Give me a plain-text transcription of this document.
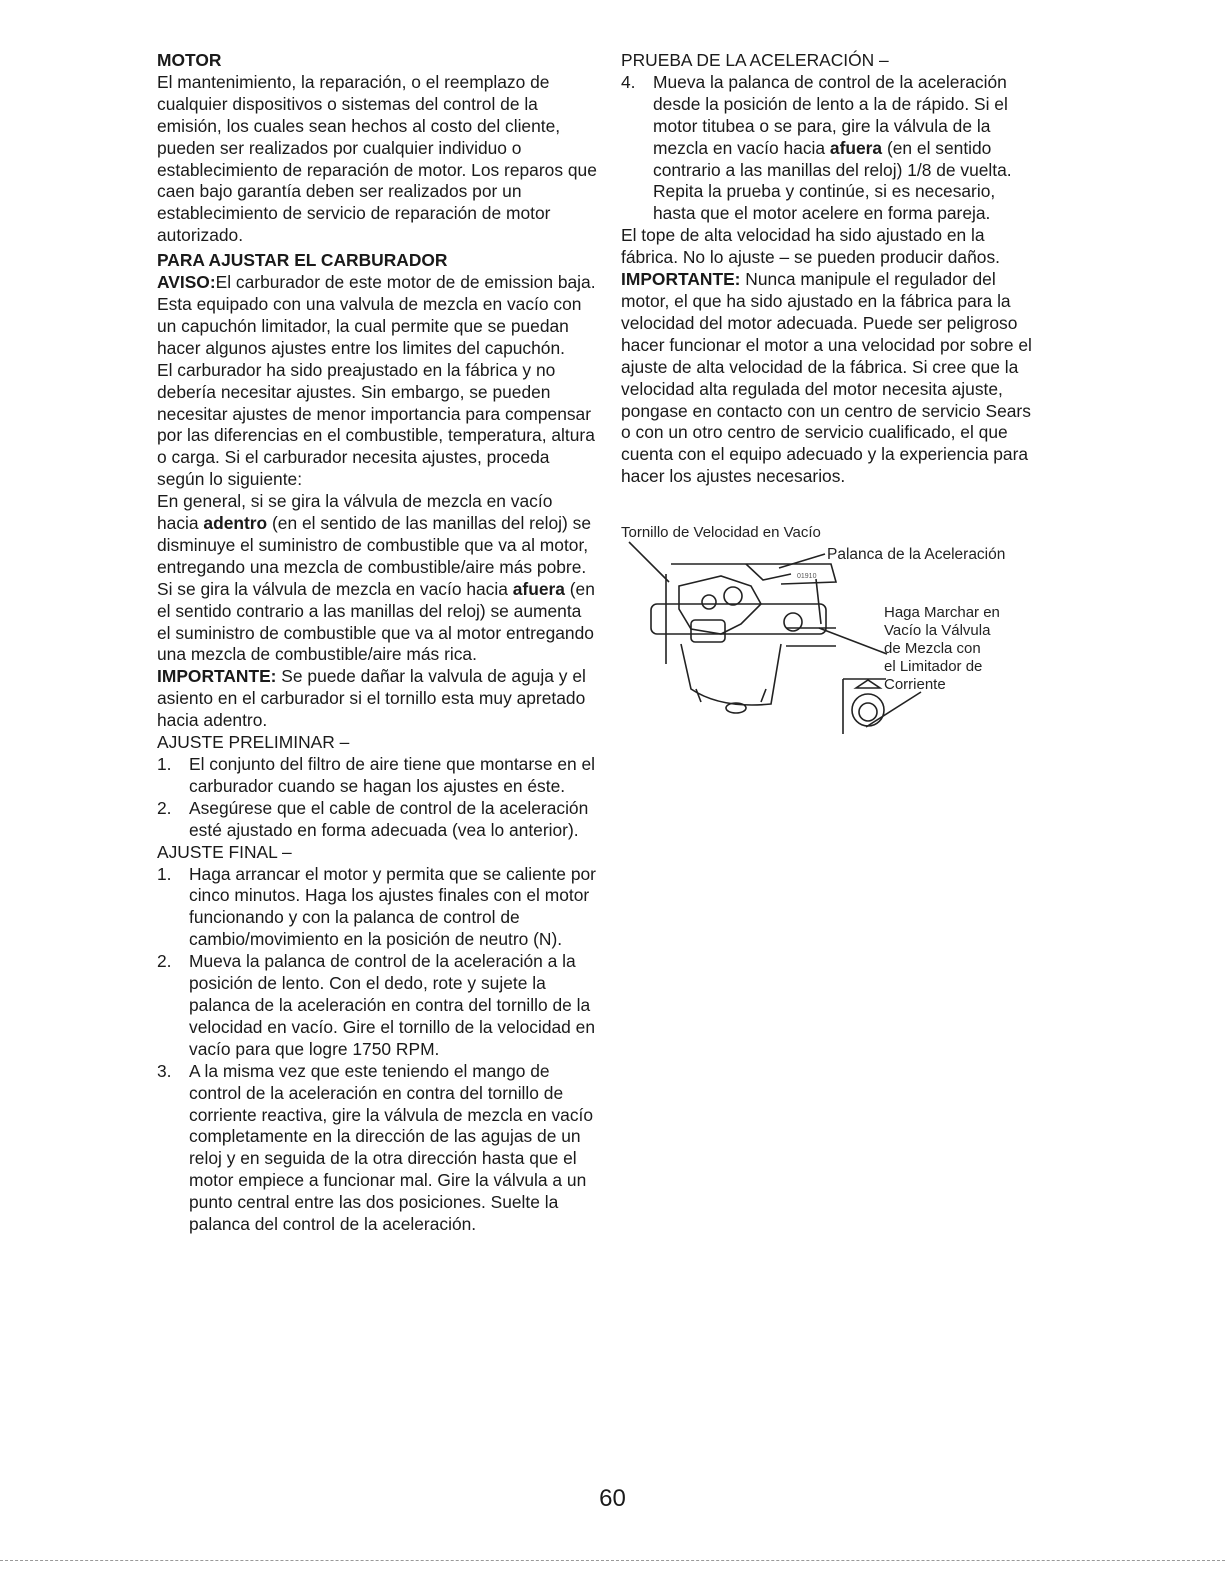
MOTOR

El mantenimiento, la reparación, o el reemplazo de cualquier dispositivos o sistemas del control de la emisión, los cuales sean hechos al costo del cliente, pueden ser realizados por cualquier individuo o establecimiento de reparación de motor. Los reparos que caen bajo garantía deben ser realizados por un establecimiento de servicio de reparación de motor autorizado.

PARA AJUSTAR EL CARBURADOR

AVISO:El carburador de este motor de de emission baja. Esta equipado con una valvula de mezcla en vacío con un capuchón limitador, la cual permite que se puedan hacer algunos ajustes entre los limites del capuchón.

El carburador ha sido preajustado en la fábrica y no debería necesitar ajustes. Sin embargo, se pueden necesitar ajustes de menor importancia para compensar por las diferencias en el combustible, temperatura, altura o carga. Si el carburador necesita ajustes, proceda según lo siguiente:

En general, si se gira la válvula de mezcla en vacío hacia adentro (en el sentido de las manillas del reloj) se disminuye el suministro de combustible que va al motor, entregando una mezcla de combustible/aire más pobre. Si se gira la válvula de mezcla en vacío hacia afuera (en el sentido contrario a las manillas del reloj) se aumenta el suministro de combustible que va al motor entregando una mezcla de combustible/aire más rica.

IMPORTANTE: Se puede dañar la valvula de aguja y el asiento en el carburador si el tornillo esta muy apretado hacia adentro.

AJUSTE PRELIMINAR –

1.	El conjunto del filtro de aire tiene que montarse en el carburador cuando se hagan los ajustes en éste.
2.	Asegúrese que el cable de control de la aceleración esté ajustado en forma adecuada (vea lo anterior).

AJUSTE FINAL –

1.	Haga arrancar el motor y permita que se caliente por cinco minutos. Haga los ajustes finales con el motor funcionando y con la palanca de control de cambio/movimiento en la posición de neutro (N).
2.	Mueva la palanca de control de la aceleración a la posición de lento. Con el dedo, rote y sujete la palanca de la aceleración en contra del tornillo de la velocidad en vacío. Gire el tornillo de la velocidad en vacío para que logre 1750 RPM.
3.	A la misma vez que este teniendo el mango de control de la aceleración en contra del tornillo de corriente reactiva, gire la válvula de mezcla en vacío completamente en la dirección de las agujas de un reloj y en seguida de la otra dirección hasta que el motor empiece a funcionar mal. Gire la válvula a un punto central entre las dos posiciones. Suelte la palanca del control de la aceleración.

PRUEBA DE LA ACELERACIÓN –

4.	Mueva la palanca de control de la aceleración desde la posición de lento a la de rápido. Si el motor titubea o se para, gire la válvula de la mezcla en vacío hacia afuera (en el sentido contrario a las manillas del reloj) 1/8 de vuelta. Repita la prueba y continúe, si es necesario, hasta que el motor acelere en forma pareja.

El tope de alta velocidad ha sido ajustado en la fábrica. No lo ajuste – se pueden producir daños.

IMPORTANTE: Nunca manipule el regulador del motor, el que ha sido ajustado en la fábrica para la velocidad del motor adecuada. Puede ser peligroso hacer funcionar el motor a una velocidad por sobre el ajuste de alta velocidad de la fábrica. Si cree que la velocidad alta regulada del motor necesita ajuste, pongase en contacto con un centro de servicio Sears o con un otro centro de servicio cualificado, el que cuenta con el equipo adecuado y la experiencia para hacer los ajustes necesarios.

Tornillo de Velocidad en Vacío
Palanca de la Aceleración
Haga Marchar en
Vacío la Válvula
de Mezcla con
el Limitador de
Corriente
01910
60
